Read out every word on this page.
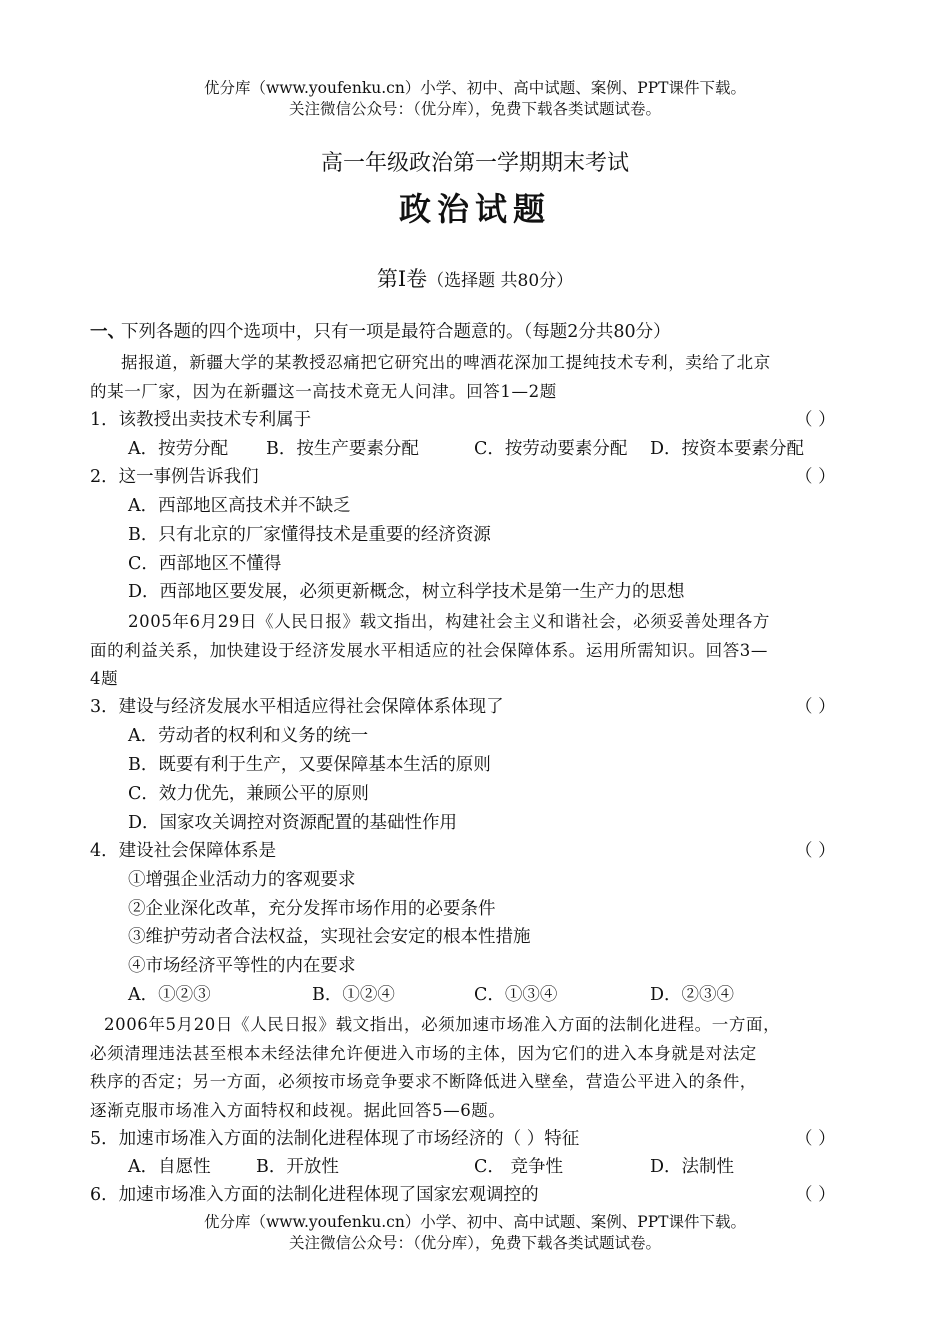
优分库（www.youfenku.cn）小学、初中、高中试题、案例、PPT课件下载。
关注微信公众号：（优分库），免费下载各类试题试卷。
高一年级政治第一学期期末考试
政治试题
第Ⅰ卷（选择题 共80分）
一、
下列各题的四个选项中，只有一项是最符合题意的。（每题2分共80分）
据报道，新疆大学的某教授忍痛把它研究出的啤酒花深加工提纯技术专利，卖给了北京
的某一厂家，因为在新疆这一高技术竟无人问津。回答1—2题
1．该教授出卖技术专利属于	（ ）
A．按劳分配 B．按生产要素分配	C．按劳动要素分配 D．按资本要素分配
2．这一事例告诉我们	（ ）
A．西部地区高技术并不缺乏
B．只有北京的厂家懂得技术是重要的经济资源
C．西部地区不懂得
D．西部地区要发展，必须更新概念，树立科学技术是第一生产力的思想
2005年6月29日《人民日报》载文指出，构建社会主义和谐社会，必须妥善处理各方
面的利益关系，加快建设于经济发展水平相适应的社会保障体系。运用所需知识。回答3—
4题
3．建设与经济发展水平相适应得社会保障体系体现了	（ ）
A．劳动者的权利和义务的统一
B．既要有利于生产，又要保障基本生活的原则
C．效力优先，兼顾公平的原则
D．国家攻关调控对资源配置的基础性作用
4．建设社会保障体系是	（ ）
①增强企业活动力的客观要求
②企业深化改革，充分发挥市场作用的必要条件
③维护劳动者合法权益，实现社会安定的根本性措施
④市场经济平等性的内在要求
A．①②③	B．①②④	C．①③④	D．②③④
2006年5月20日《人民日报》载文指出，必须加速市场准入方面的法制化进程。一方面，
必须清理违法甚至根本未经法律允许便进入市场的主体，因为它们的进入本身就是对法定
秩序的否定；另一方面，必须按市场竞争要求不断降低进入壁垒，营造公平进入的条件，
逐渐克服市场准入方面特权和歧视。据此回答5—6题。
5．加速市场准入方面的法制化进程体现了市场经济的（ ）特征	（ ）
A．自愿性	B．开放性	C． 竞争性	D．法制性
6．加速市场准入方面的法制化进程体现了国家宏观调控的	（ ）
优分库（www.youfenku.cn）小学、初中、高中试题、案例、PPT课件下载。
关注微信公众号：（优分库），免费下载各类试题试卷。
